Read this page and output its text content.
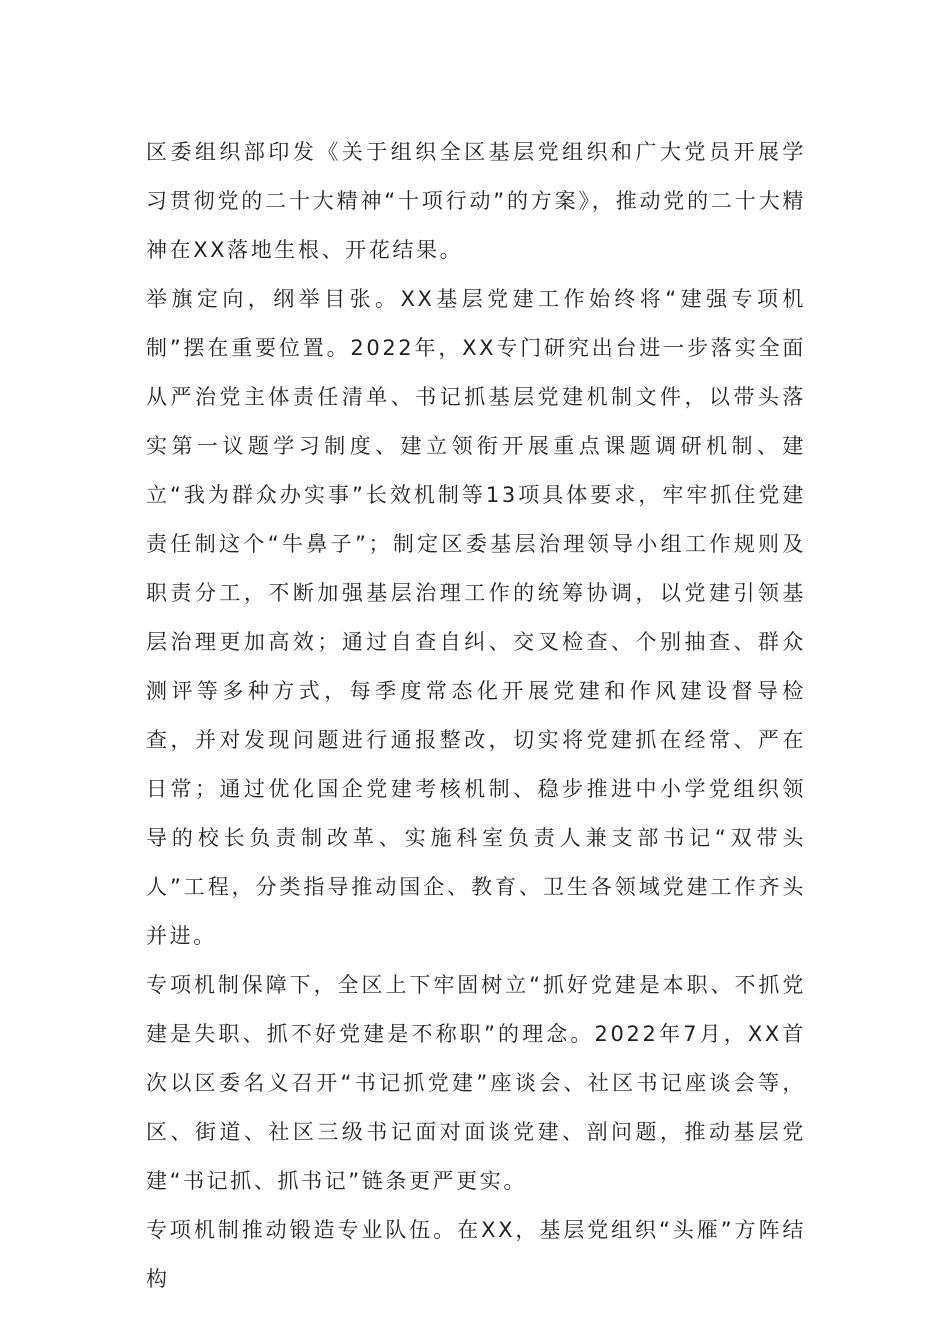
区委组织部印发《关于组织全区基层党组织和广大党员开展学习贯彻党的二十大精神“十项行动”的方案》，推动党的二十大精神在XX落地生根、开花结果。

举旗定向，纲举目张。XX基层党建工作始终将“建强专项机制”摆在重要位置。2022年，XX专门研究出台进一步落实全面从严治党主体责任清单、书记抓基层党建机制文件，以带头落实第一议题学习制度、建立领衔开展重点课题调研机制、建立“我为群众办实事”长效机制等13项具体要求，牢牢抓住党建责任制这个“牛鼻子”；制定区委基层治理领导小组工作规则及职责分工，不断加强基层治理工作的统筹协调，以党建引领基层治理更加高效；通过自查自纠、交叉检查、个别抽查、群众测评等多种方式，每季度常态化开展党建和作风建设督导检查，并对发现问题进行通报整改，切实将党建抓在经常、严在日常；通过优化国企党建考核机制、稳步推进中小学党组织领导的校长负责制改革、实施科室负责人兼支部书记“双带头人”工程，分类指导推动国企、教育、卫生各领域党建工作齐头并进。

专项机制保障下，全区上下牢固树立“抓好党建是本职、不抓党建是失职、抓不好党建是不称职”的理念。2022年7月，XX首次以区委名义召开“书记抓党建”座谈会、社区书记座谈会等，区、街道、社区三级书记面对面谈党建、剖问题，推动基层党建“书记抓、抓书记”链条更严更实。

专项机制推动锻造专业队伍。在XX，基层党组织“头雁”方阵结构
